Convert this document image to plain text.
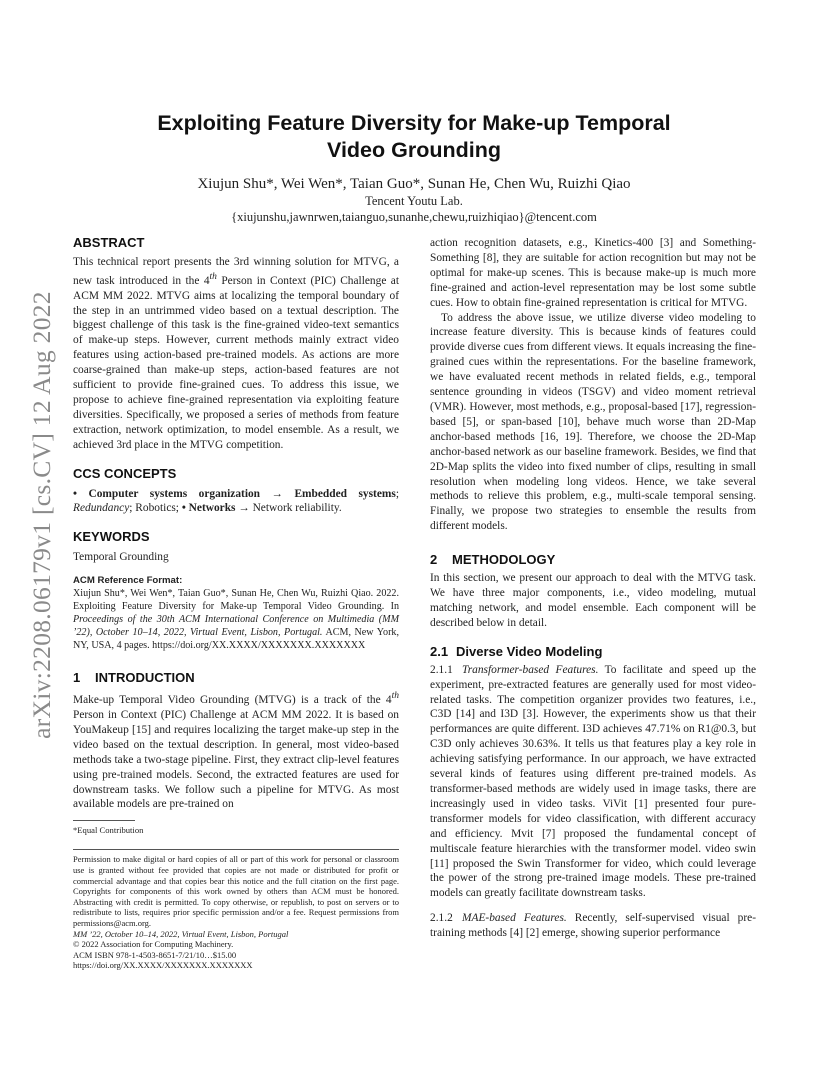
arXiv:2208.06179v1 [cs.CV] 12 Aug 2022
Exploiting Feature Diversity for Make-up Temporal
Video Grounding
Xiujun Shu*, Wei Wen*, Taian Guo*, Sunan He, Chen Wu, Ruizhi Qiao
Tencent Youtu Lab.
{xiujunshu,jawnrwen,taianguo,sunanhe,chewu,ruizhiqiao}@tencent.com
ABSTRACT

This technical report presents the 3rd winning solution for MTVG, a new task introduced in the 4th Person in Context (PIC) Challenge at ACM MM 2022. MTVG aims at localizing the temporal boundary of the step in an untrimmed video based on a textual description. The biggest challenge of this task is the fine-grained video-text semantics of make-up steps. However, current methods mainly extract video features using action-based pre-trained models. As actions are more coarse-grained than make-up steps, action-based features are not sufficient to provide fine-grained cues. To address this issue, we propose to achieve fine-grained representation via exploiting feature diversities. Specifically, we proposed a series of methods from feature extraction, network optimization, to model ensemble. As a result, we achieved 3rd place in the MTVG competition.

CCS CONCEPTS

• Computer systems organization → Embedded systems; Redundancy; Robotics; • Networks → Network reliability.

KEYWORDS

Temporal Grounding

ACM Reference Format:

Xiujun Shu*, Wei Wen*, Taian Guo*, Sunan He, Chen Wu, Ruizhi Qiao. 2022. Exploiting Feature Diversity for Make-up Temporal Video Grounding. In Proceedings of the 30th ACM International Conference on Multimedia (MM ’22), October 10–14, 2022, Virtual Event, Lisbon, Portugal. ACM, New York, NY, USA, 4 pages. https://doi.org/XX.XXXX/XXXXXXX.XXXXXXX

1 INTRODUCTION

Make-up Temporal Video Grounding (MTVG) is a track of the 4th Person in Context (PIC) Challenge at ACM MM 2022. It is based on YouMakeup [15] and requires localizing the target make-up step in the video based on the textual description. In general, most video-based methods take a two-stage pipeline. First, they extract clip-level features using pre-trained models. Second, the extracted features are used for downstream tasks. We follow such a pipeline for MTVG. As most available models are pre-trained on

*Equal Contribution
Permission to make digital or hard copies of all or part of this work for personal or classroom use is granted without fee provided that copies are not made or distributed for profit or commercial advantage and that copies bear this notice and the full citation on the first page. Copyrights for components of this work owned by others than ACM must be honored. Abstracting with credit is permitted. To copy otherwise, or republish, to post on servers or to redistribute to lists, requires prior specific permission and/or a fee. Request permissions from permissions@acm.org.
MM ’22, October 10–14, 2022, Virtual Event, Lisbon, Portugal
© 2022 Association for Computing Machinery.
ACM ISBN 978-1-4503-8651-7/21/10…$15.00
https://doi.org/XX.XXXX/XXXXXXX.XXXXXXX

action recognition datasets, e.g., Kinetics-400 [3] and Something-Something [8], they are suitable for action recognition but may not be optimal for make-up scenes. This is because make-up is much more fine-grained and action-level representation may be lost some subtle cues. How to obtain fine-grained representation is critical for MTVG.

To address the above issue, we utilize diverse video modeling to increase feature diversity. This is because kinds of features could provide diverse cues from different views. It equals increasing the fine-grained cues within the representations. For the baseline framework, we have evaluated recent methods in related fields, e.g., temporal sentence grounding in videos (TSGV) and video moment retrieval (VMR). However, most methods, e.g., proposal-based [17], regression-based [5], or span-based [10], behave much worse than 2D-Map anchor-based methods [16, 19]. Therefore, we choose the 2D-Map anchor-based network as our baseline framework. Besides, we find that 2D-Map splits the video into fixed number of clips, resulting in small resolution when modeling long videos. Hence, we take several methods to relieve this problem, e.g., multi-scale temporal sensing. Finally, we propose two strategies to ensemble the results from different models.

2 METHODOLOGY

In this section, we present our approach to deal with the MTVG task. We have three major components, i.e., video modeling, mutual matching network, and model ensemble. Each component will be described below in detail.

2.1 Diverse Video Modeling

2.1.1 Transformer-based Features. To facilitate and speed up the experiment, pre-extracted features are generally used for most video-related tasks. The competition organizer provides two features, i.e., C3D [14] and I3D [3]. However, the experiments show us that their performances are quite different. I3D achieves 47.71% on R1@0.3, but C3D only achieves 30.63%. It tells us that features play a key role in achieving satisfying performance. In our approach, we have extracted several kinds of features using different pre-trained models. As transformer-based methods are widely used in image tasks, there are increasingly used in video tasks. ViVit [1] presented four pure-transformer models for video classification, with different accuracy and efficiency. Mvit [7] proposed the fundamental concept of multiscale feature hierarchies with the transformer model. video swin [11] proposed the Swin Transformer for video, which could leverage the power of the strong pre-trained image models. These pre-trained models can greatly facilitate downstream tasks.

2.1.2 MAE-based Features. Recently, self-supervised visual pre-training methods [4] [2] emerge, showing superior performance
